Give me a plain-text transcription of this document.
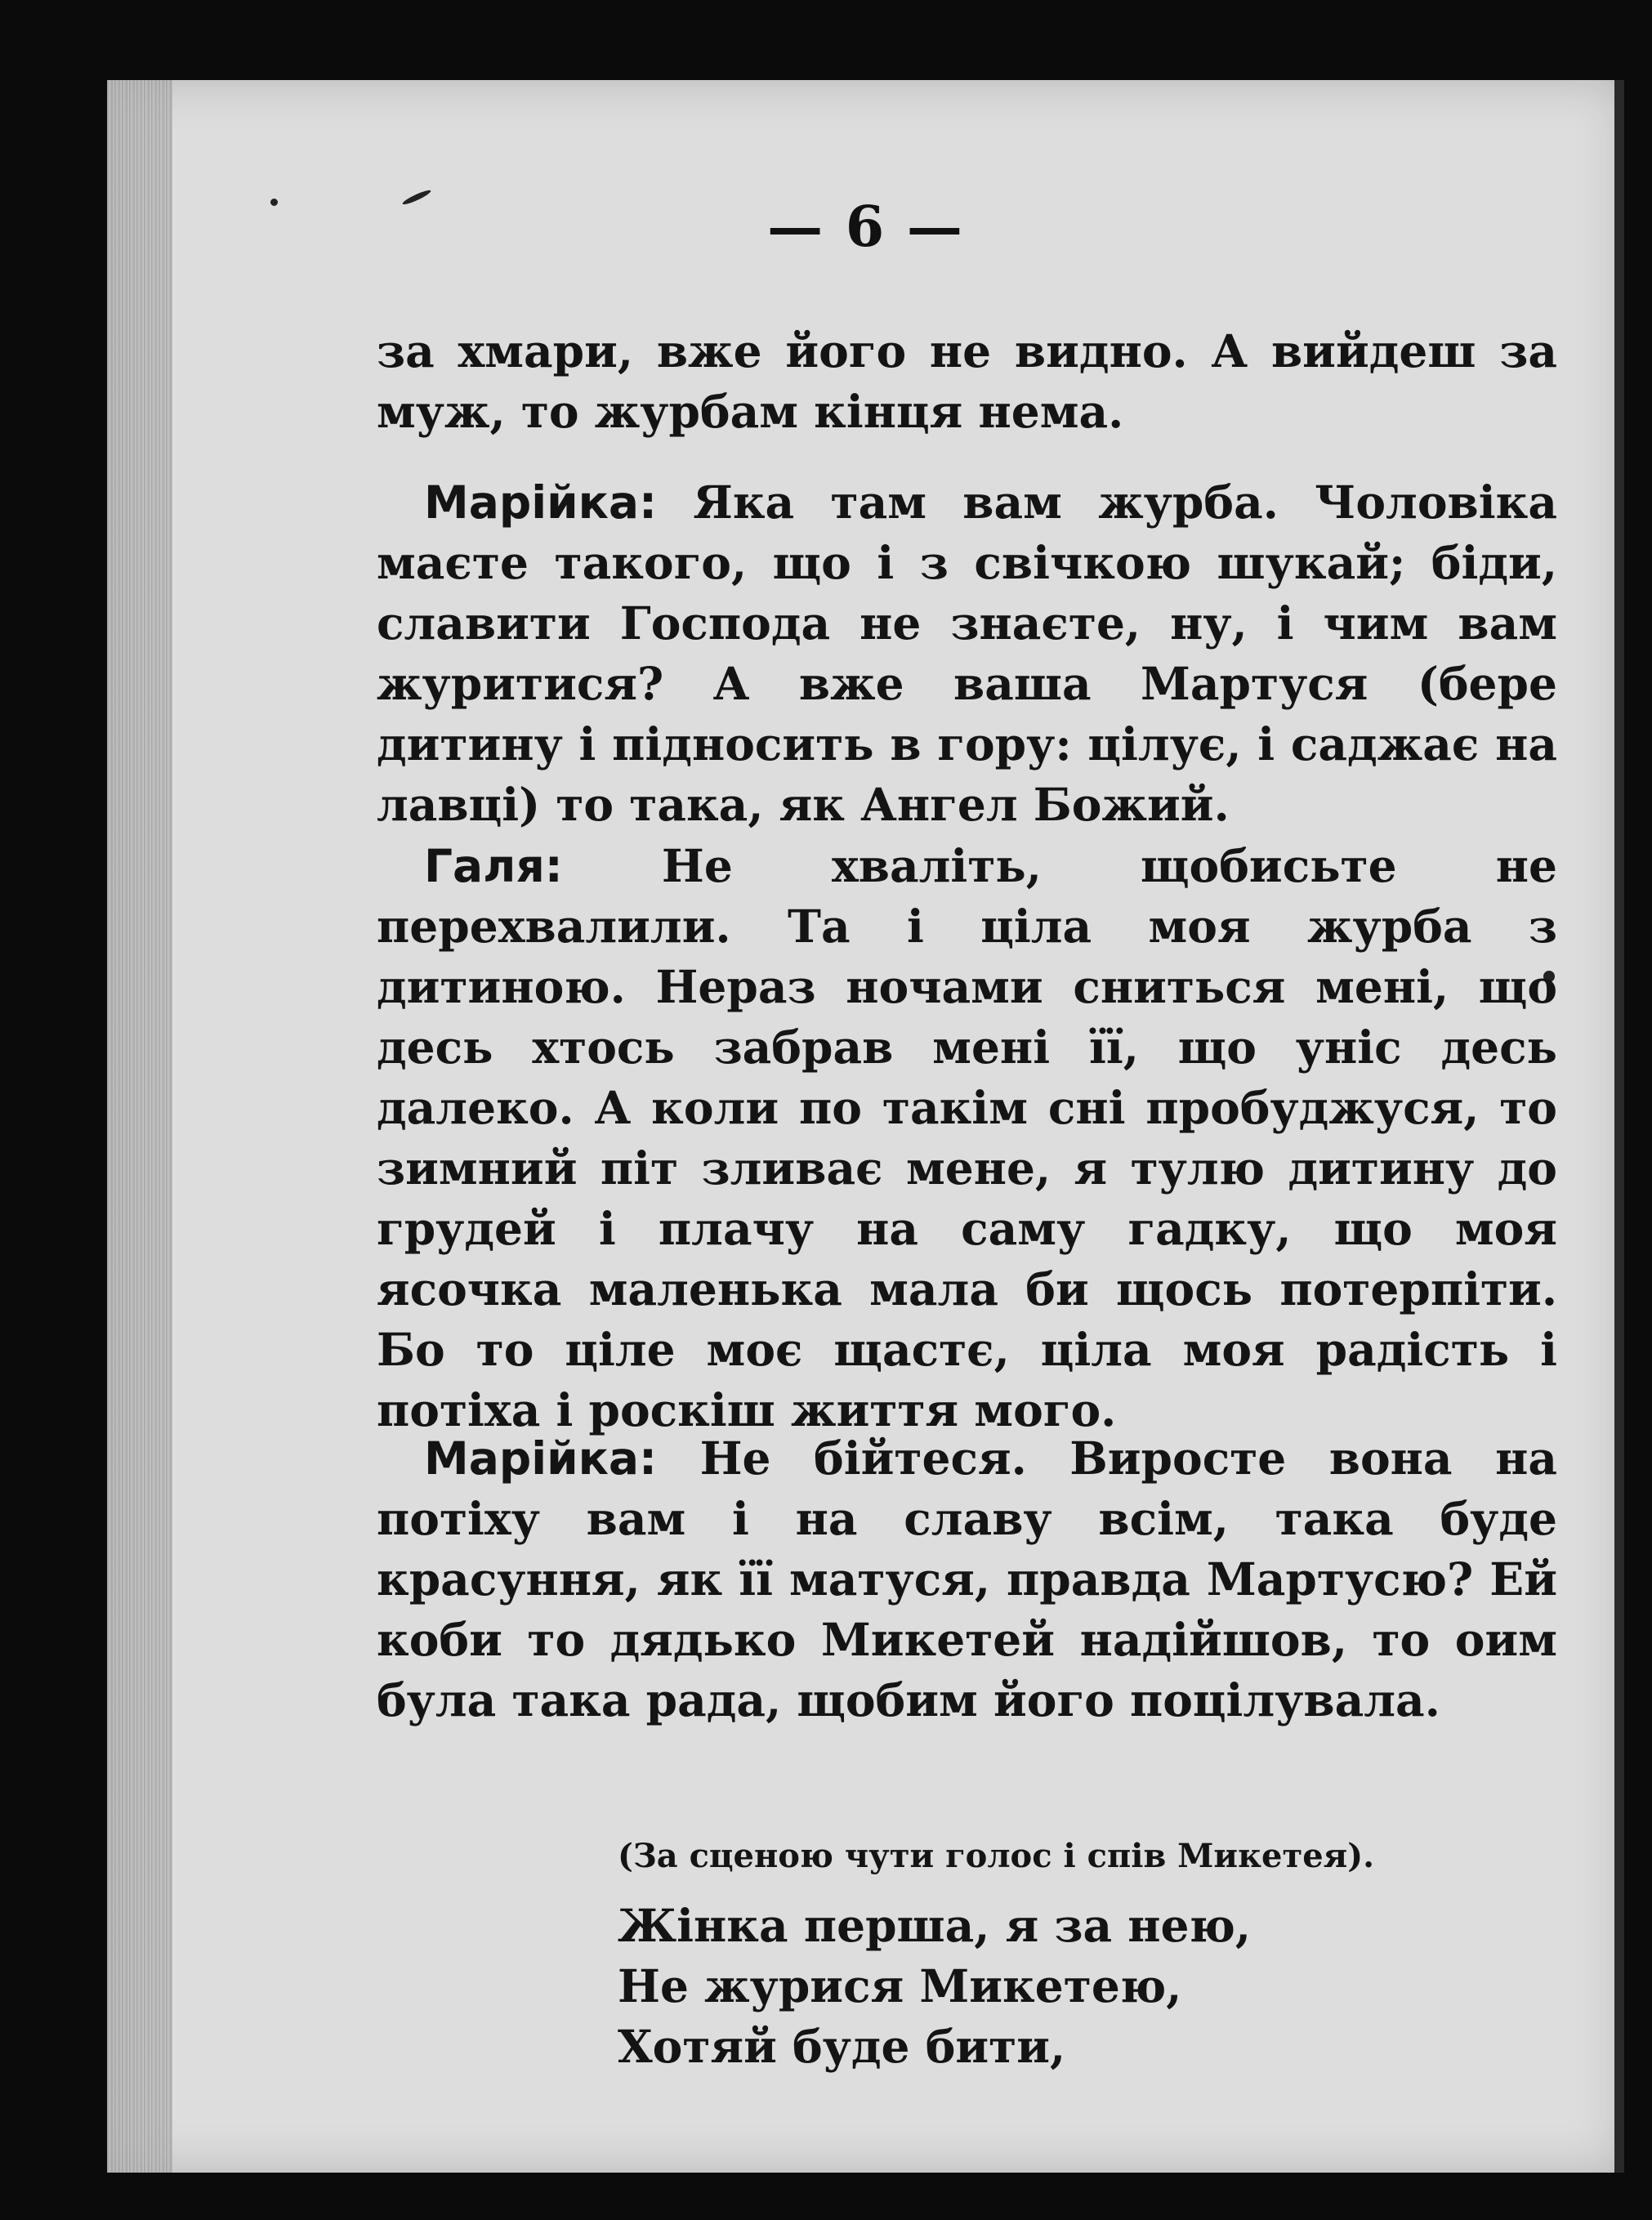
— 6 —

за хмари, вже його не видно. А вийдеш за муж, то журбам кінця нема.

Марійка: Яка там вам журба. Чоловіка маєте такого, що і з свічкою шукай; біди, славити Господа не знаєте, ну, і чим вам журитися? А вже ваша Мартуся (бере дитину і підносить в гору: цілує, і саджає на лавці) то така, як Ангел Божий.

Галя: Не хваліть, щобисьте не перехвалили. Та і ціла моя журба з дитиною. Нераз ночами сниться мені, що десь хтось забрав мені її, що уніс десь далеко. А коли по такім сні пробуджуся, то зимний піт зливає мене, я тулю дитину до грудей і плачу на саму гадку, що моя ясочка маленька мала би щось потерпіти. Бо то ціле моє щастє, ціла моя радість і потіха і роскіш життя мого.

Марійка: Не бійтеся. Виросте вона на потіху вам і на славу всім, така буде красуння, як її матуся, правда Мартусю? Ей коби то дядько Микетей надійшов, то оим була така рада, щобим його поцілувала.

(За сценою чути голос і спів Микетея).
Жінка перша, я за нею,
Не журися Микетею,
Хотяй буде бити,
